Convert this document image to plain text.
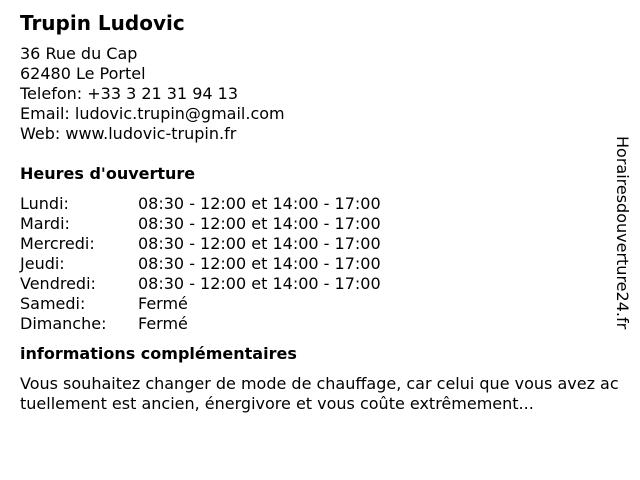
Trupin Ludovic
36 Rue du Cap
62480 Le Portel
Telefon: +33 3 21 31 94 13
Email: ludovic.trupin@gmail.com
Web: www.ludovic-trupin.fr
Heures d'ouverture
Lundi:	08:30 - 12:00 et 14:00 - 17:00
Mardi:	08:30 - 12:00 et 14:00 - 17:00
Mercredi:	08:30 - 12:00 et 14:00 - 17:00
Jeudi:	08:30 - 12:00 et 14:00 - 17:00
Vendredi:	08:30 - 12:00 et 14:00 - 17:00
Samedi:	Fermé
Dimanche:	Fermé
informations complémentaires
Vous souhaitez changer de mode de chauffage, car celui que vous avez actuellement est ancien, énergivore et vous coûte extrêmement...
Horairesdouverture24.fr
